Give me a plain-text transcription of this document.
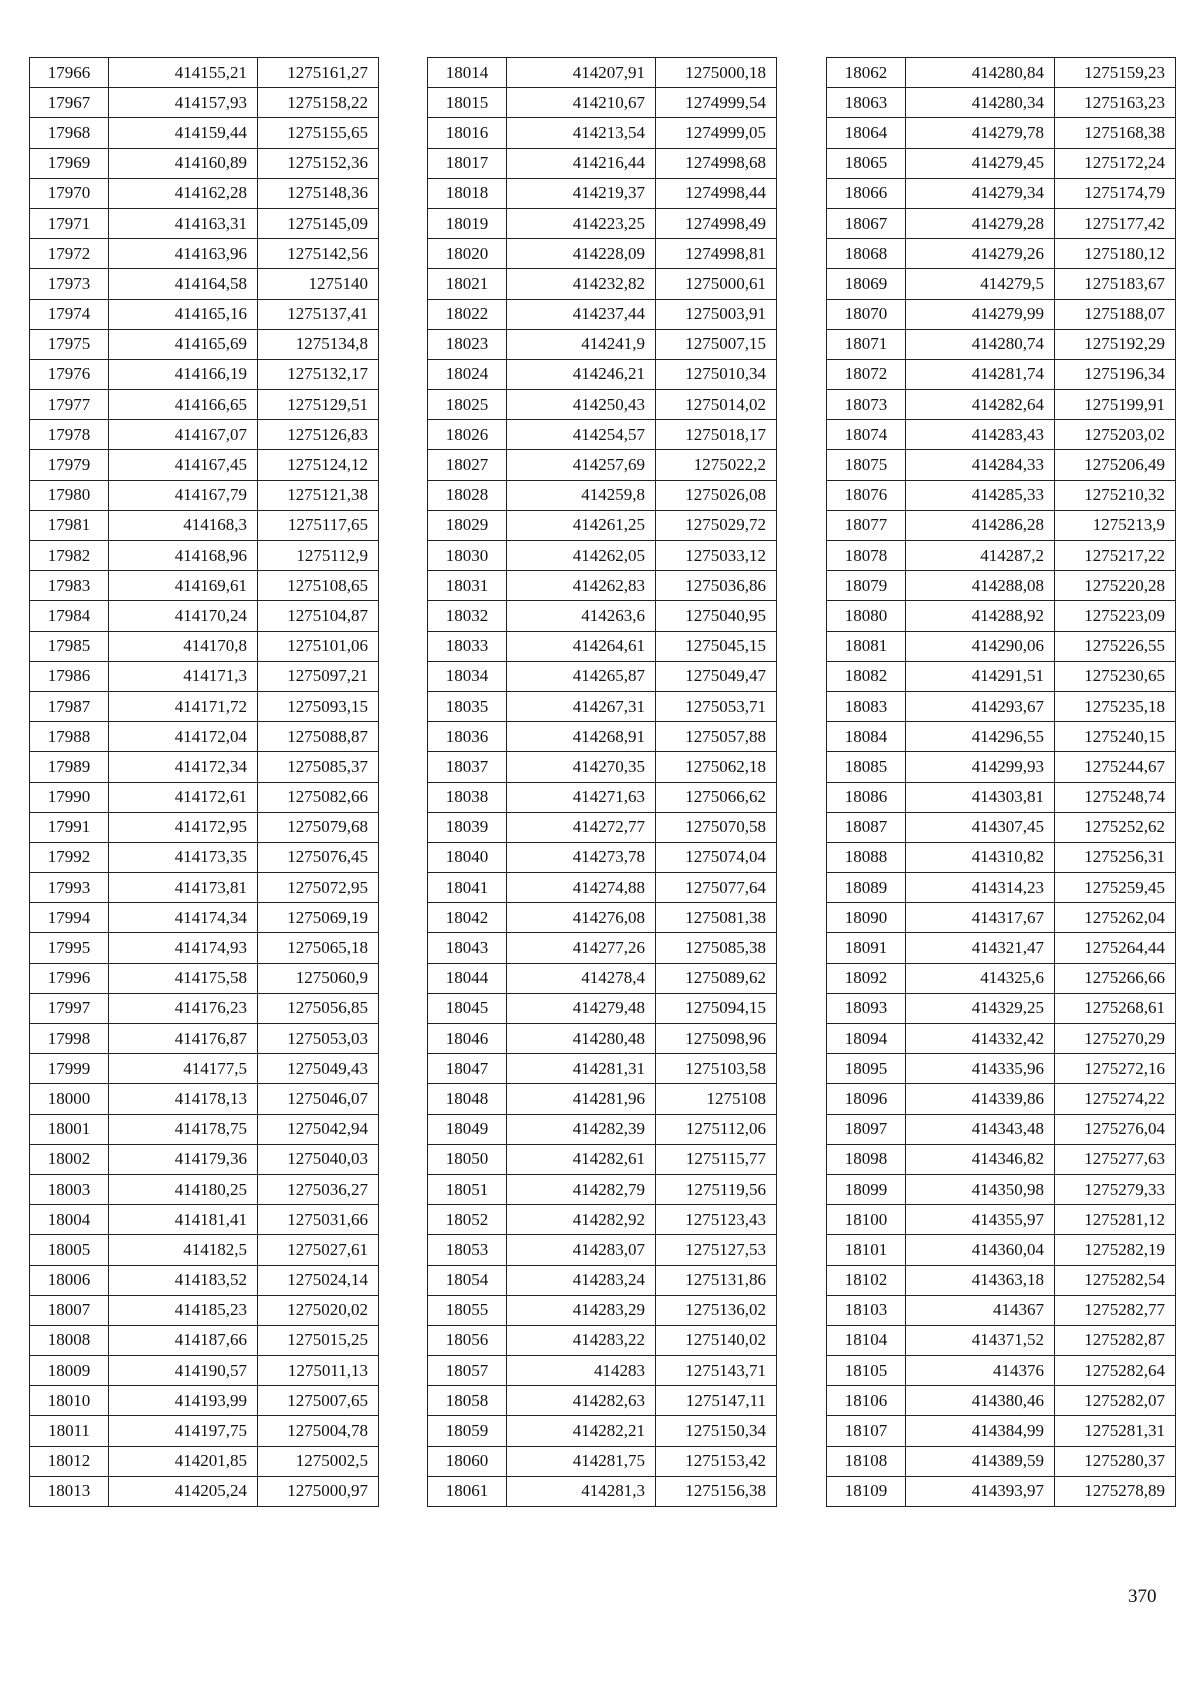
17966	414155,21	1275161,27
17967	414157,93	1275158,22
17968	414159,44	1275155,65
17969	414160,89	1275152,36
17970	414162,28	1275148,36
17971	414163,31	1275145,09
17972	414163,96	1275142,56
17973	414164,58	1275140
17974	414165,16	1275137,41
17975	414165,69	1275134,8
17976	414166,19	1275132,17
17977	414166,65	1275129,51
17978	414167,07	1275126,83
17979	414167,45	1275124,12
17980	414167,79	1275121,38
17981	414168,3	1275117,65
17982	414168,96	1275112,9
17983	414169,61	1275108,65
17984	414170,24	1275104,87
17985	414170,8	1275101,06
17986	414171,3	1275097,21
17987	414171,72	1275093,15
17988	414172,04	1275088,87
17989	414172,34	1275085,37
17990	414172,61	1275082,66
17991	414172,95	1275079,68
17992	414173,35	1275076,45
17993	414173,81	1275072,95
17994	414174,34	1275069,19
17995	414174,93	1275065,18
17996	414175,58	1275060,9
17997	414176,23	1275056,85
17998	414176,87	1275053,03
17999	414177,5	1275049,43
18000	414178,13	1275046,07
18001	414178,75	1275042,94
18002	414179,36	1275040,03
18003	414180,25	1275036,27
18004	414181,41	1275031,66
18005	414182,5	1275027,61
18006	414183,52	1275024,14
18007	414185,23	1275020,02
18008	414187,66	1275015,25
18009	414190,57	1275011,13
18010	414193,99	1275007,65
18011	414197,75	1275004,78
18012	414201,85	1275002,5
18013	414205,24	1275000,97
18014	414207,91	1275000,18
18015	414210,67	1274999,54
18016	414213,54	1274999,05
18017	414216,44	1274998,68
18018	414219,37	1274998,44
18019	414223,25	1274998,49
18020	414228,09	1274998,81
18021	414232,82	1275000,61
18022	414237,44	1275003,91
18023	414241,9	1275007,15
18024	414246,21	1275010,34
18025	414250,43	1275014,02
18026	414254,57	1275018,17
18027	414257,69	1275022,2
18028	414259,8	1275026,08
18029	414261,25	1275029,72
18030	414262,05	1275033,12
18031	414262,83	1275036,86
18032	414263,6	1275040,95
18033	414264,61	1275045,15
18034	414265,87	1275049,47
18035	414267,31	1275053,71
18036	414268,91	1275057,88
18037	414270,35	1275062,18
18038	414271,63	1275066,62
18039	414272,77	1275070,58
18040	414273,78	1275074,04
18041	414274,88	1275077,64
18042	414276,08	1275081,38
18043	414277,26	1275085,38
18044	414278,4	1275089,62
18045	414279,48	1275094,15
18046	414280,48	1275098,96
18047	414281,31	1275103,58
18048	414281,96	1275108
18049	414282,39	1275112,06
18050	414282,61	1275115,77
18051	414282,79	1275119,56
18052	414282,92	1275123,43
18053	414283,07	1275127,53
18054	414283,24	1275131,86
18055	414283,29	1275136,02
18056	414283,22	1275140,02
18057	414283	1275143,71
18058	414282,63	1275147,11
18059	414282,21	1275150,34
18060	414281,75	1275153,42
18061	414281,3	1275156,38
18062	414280,84	1275159,23
18063	414280,34	1275163,23
18064	414279,78	1275168,38
18065	414279,45	1275172,24
18066	414279,34	1275174,79
18067	414279,28	1275177,42
18068	414279,26	1275180,12
18069	414279,5	1275183,67
18070	414279,99	1275188,07
18071	414280,74	1275192,29
18072	414281,74	1275196,34
18073	414282,64	1275199,91
18074	414283,43	1275203,02
18075	414284,33	1275206,49
18076	414285,33	1275210,32
18077	414286,28	1275213,9
18078	414287,2	1275217,22
18079	414288,08	1275220,28
18080	414288,92	1275223,09
18081	414290,06	1275226,55
18082	414291,51	1275230,65
18083	414293,67	1275235,18
18084	414296,55	1275240,15
18085	414299,93	1275244,67
18086	414303,81	1275248,74
18087	414307,45	1275252,62
18088	414310,82	1275256,31
18089	414314,23	1275259,45
18090	414317,67	1275262,04
18091	414321,47	1275264,44
18092	414325,6	1275266,66
18093	414329,25	1275268,61
18094	414332,42	1275270,29
18095	414335,96	1275272,16
18096	414339,86	1275274,22
18097	414343,48	1275276,04
18098	414346,82	1275277,63
18099	414350,98	1275279,33
18100	414355,97	1275281,12
18101	414360,04	1275282,19
18102	414363,18	1275282,54
18103	414367	1275282,77
18104	414371,52	1275282,87
18105	414376	1275282,64
18106	414380,46	1275282,07
18107	414384,99	1275281,31
18108	414389,59	1275280,37
18109	414393,97	1275278,89
370
